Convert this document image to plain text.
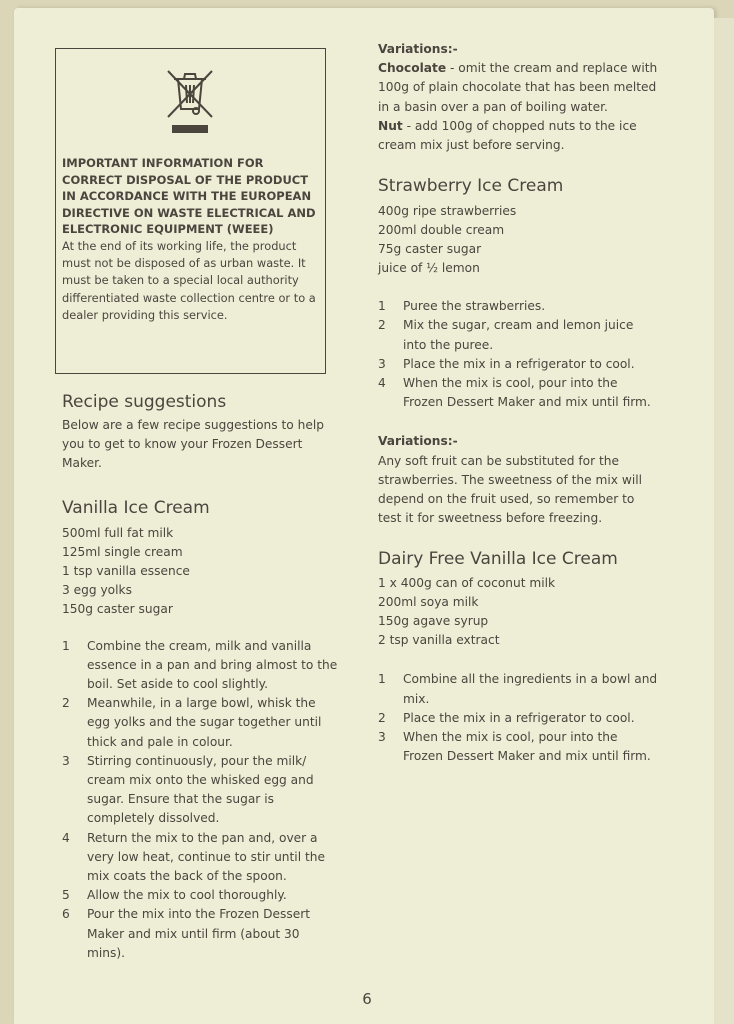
IMPORTANT INFORMATION FOR CORRECT DISPOSAL OF THE PRODUCT IN ACCORDANCE WITH THE EUROPEAN DIRECTIVE ON WASTE ELECTRICAL AND ELECTRONIC EQUIPMENT (WEEE)
At the end of its working life, the product must not be disposed of as urban waste. It must be taken to a special local authority differentiated waste collection centre or to a dealer providing this service.
Recipe suggestions

Below are a few recipe suggestions to help you to get to know your Frozen Dessert Maker.

Vanilla Ice Cream
500ml full fat milk
125ml single cream
1 tsp vanilla essence
3 egg yolks
150g caster sugar
1 Combine the cream, milk and vanilla essence in a pan and bring almost to the boil. Set aside to cool slightly.
2 Meanwhile, in a large bowl, whisk the egg yolks and the sugar together until thick and pale in colour.
3 Stirring continuously, pour the milk/ cream mix onto the whisked egg and sugar. Ensure that the sugar is completely dissolved.
4 Return the mix to the pan and, over a very low heat, continue to stir until the mix coats the back of the spoon.
5 Allow the mix to cool thoroughly.
6 Pour the mix into the Frozen Dessert Maker and mix until firm (about 30 mins).

Variations:-

Chocolate - omit the cream and replace with 100g of plain chocolate that has been melted in a basin over a pan of boiling water.

Nut - add 100g of chopped nuts to the ice cream mix just before serving.

Strawberry Ice Cream
400g ripe strawberries
200ml double cream
75g caster sugar
juice of ½ lemon
1 Puree the strawberries.
2 Mix the sugar, cream and lemon juice into the puree.
3 Place the mix in a refrigerator to cool.
4 When the mix is cool, pour into the Frozen Dessert Maker and mix until firm.

Variations:-

Any soft fruit can be substituted for the strawberries. The sweetness of the mix will depend on the fruit used, so remember to test it for sweetness before freezing.

Dairy Free Vanilla Ice Cream
1 x 400g can of coconut milk
200ml soya milk
150g agave syrup
2 tsp vanilla extract
1 Combine all the ingredients in a bowl and mix.
2 Place the mix in a refrigerator to cool.
3 When the mix is cool, pour into the Frozen Dessert Maker and mix until firm.
6
